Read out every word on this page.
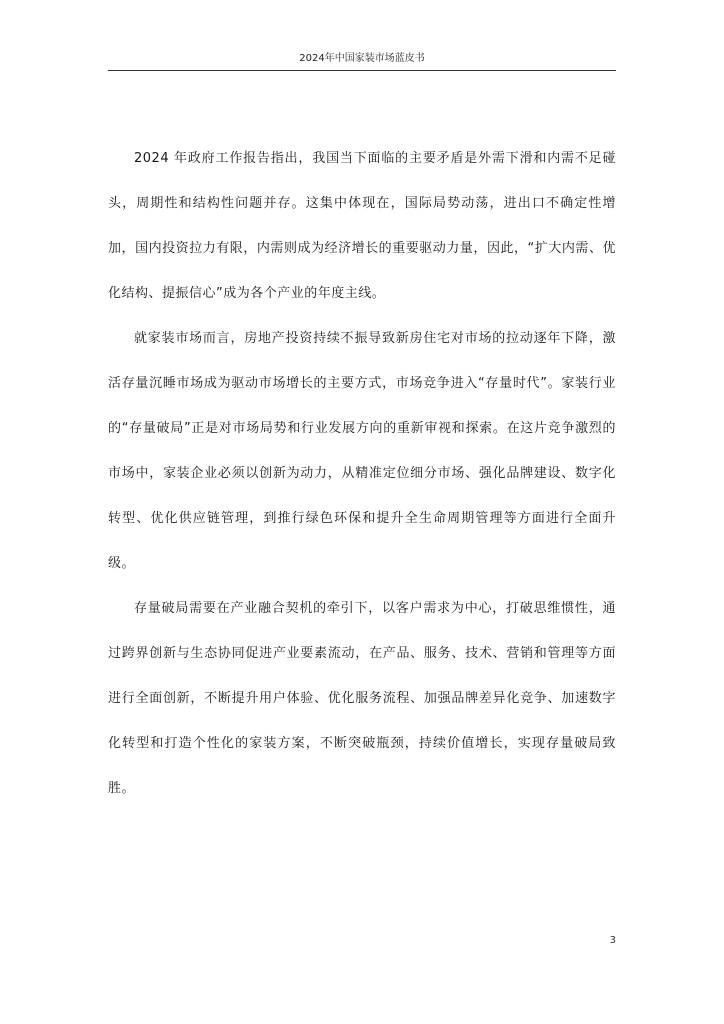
2024年中国家装市场蓝皮书

2024 年政府工作报告指出，我国当下面临的主要矛盾是外需下滑和内需不足碰头，周期性和结构性问题并存。这集中体现在，国际局势动荡，进出口不确定性增加，国内投资拉力有限，内需则成为经济增长的重要驱动力量，因此，“扩大内需、优化结构、提振信心”成为各个产业的年度主线。

就家装市场而言，房地产投资持续不振导致新房住宅对市场的拉动逐年下降，激活存量沉睡市场成为驱动市场增长的主要方式，市场竞争进入“存量时代”。家装行业的“存量破局”正是对市场局势和行业发展方向的重新审视和探索。在这片竞争激烈的市场中，家装企业必须以创新为动力，从精准定位细分市场、强化品牌建设、数字化转型、优化供应链管理，到推行绿色环保和提升全生命周期管理等方面进行全面升级。

存量破局需要在产业融合契机的牵引下，以客户需求为中心，打破思维惯性，通过跨界创新与生态协同促进产业要素流动，在产品、服务、技术、营销和管理等方面进行全面创新，不断提升用户体验、优化服务流程、加强品牌差异化竞争、加速数字化转型和打造个性化的家装方案，不断突破瓶颈，持续价值增长，实现存量破局致胜。

3
